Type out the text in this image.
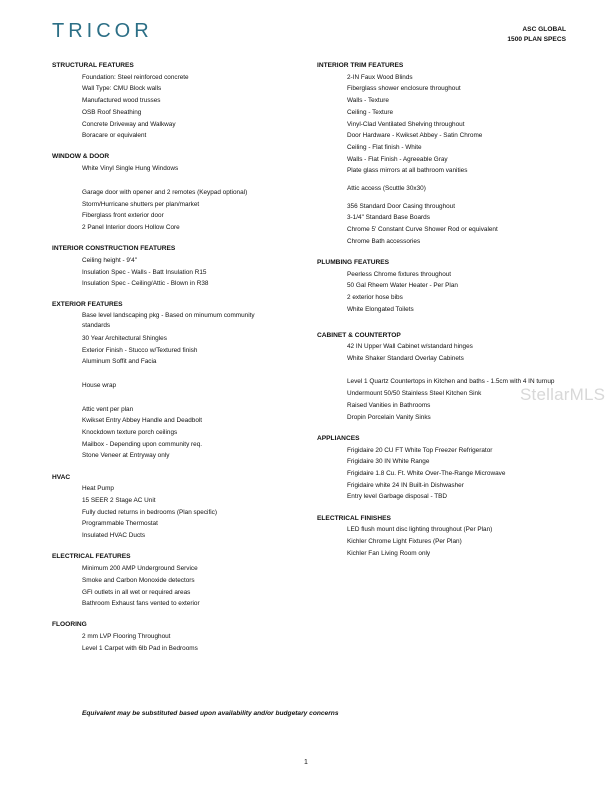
TRICOR	ASC GLOBAL
1500 PLAN SPECS
STRUCTURAL FEATURES
Foundation: Steel reinforced concrete
Wall Type: CMU Block walls
Manufactured wood trusses
OSB Roof Sheathing
Concrete Driveway and Walkway
Boracare or equivalent
WINDOW & DOOR
White Vinyl Single Hung Windows
Garage door with opener and 2 remotes (Keypad optional)
Storm/Hurricane shutters per plan/market
Fiberglass front exterior door
2 Panel Interior doors Hollow Core
INTERIOR CONSTRUCTION FEATURES
Ceiling height - 9'4"
Insulation Spec - Walls - Batt Insulation R15
Insulation Spec - Ceiling/Attic - Blown in R38
EXTERIOR FEATURES
Base level landscaping pkg - Based on minumum community standards
30 Year Architectural Shingles
Exterior Finish - Stucco w/Textured finish
Aluminum Soffit and Facia
House wrap
Attic vent per plan
Kwikset Entry Abbey Handle and Deadbolt
Knockdown texture porch ceilings
Mailbox - Depending upon community req.
Stone Veneer at Entryway only
HVAC
Heat Pump
15 SEER 2 Stage AC Unit
Fully ducted returns in bedrooms (Plan specific)
Programmable Thermostat
Insulated HVAC Ducts
ELECTRICAL FEATURES
Minimum 200 AMP Underground Service
Smoke and Carbon Monoxide detectors
GFI outlets in all wet or required areas
Bathroom Exhaust fans vented to exterior
FLOORING
2 mm LVP Flooring Throughout
Level 1 Carpet with 6lb Pad in Bedrooms
INTERIOR TRIM FEATURES
2-IN Faux Wood Blinds
Fiberglass shower enclosure throughout
Walls - Texture
Ceiling - Texture
Vinyl-Clad Ventilated Shelving throughout
Door Hardware - Kwikset Abbey - Satin Chrome
Ceiling - Flat finish - White
Walls - Flat Finish - Agreeable Gray
Plate glass mirrors at all bathroom vanities
Attic access (Scuttle 30x30)
356 Standard Door Casing throughout
3-1/4" Standard Base Boards
Chrome 5' Constant Curve Shower Rod or equivalent
Chrome Bath accessories
PLUMBING FEATURES
Peerless Chrome fixtures throughout
50 Gal Rheem Water Heater - Per Plan
2 exterior hose bibs
White Elongated Toilets
CABINET & COUNTERTOP
42 IN Upper Wall Cabinet w/standard hinges
White Shaker Standard Overlay Cabinets
Level 1 Quartz Countertops in Kitchen and baths - 1.5cm with 4 IN turnup
Undermount 50/50 Stainless Steel Kitchen Sink
Raised Vanities in Bathrooms
Dropin Porcelain Vanity Sinks
APPLIANCES
Frigidaire 20 CU FT White Top Freezer Refrigerator
Frigidaire 30 IN White Range
Frigidaire 1.8 Cu. Ft. White Over-The-Range Microwave
Frigidaire white 24 IN Built-in Dishwasher
Entry level Garbage disposal - TBD
ELECTRICAL FINISHES
LED flush mount disc lighting throughout (Per Plan)
Kichler Chrome Light Fixtures (Per Plan)
Kichler Fan Living Room only
StellarMLS
Equivalent may be substituted based upon availability and/or budgetary concerns
1
